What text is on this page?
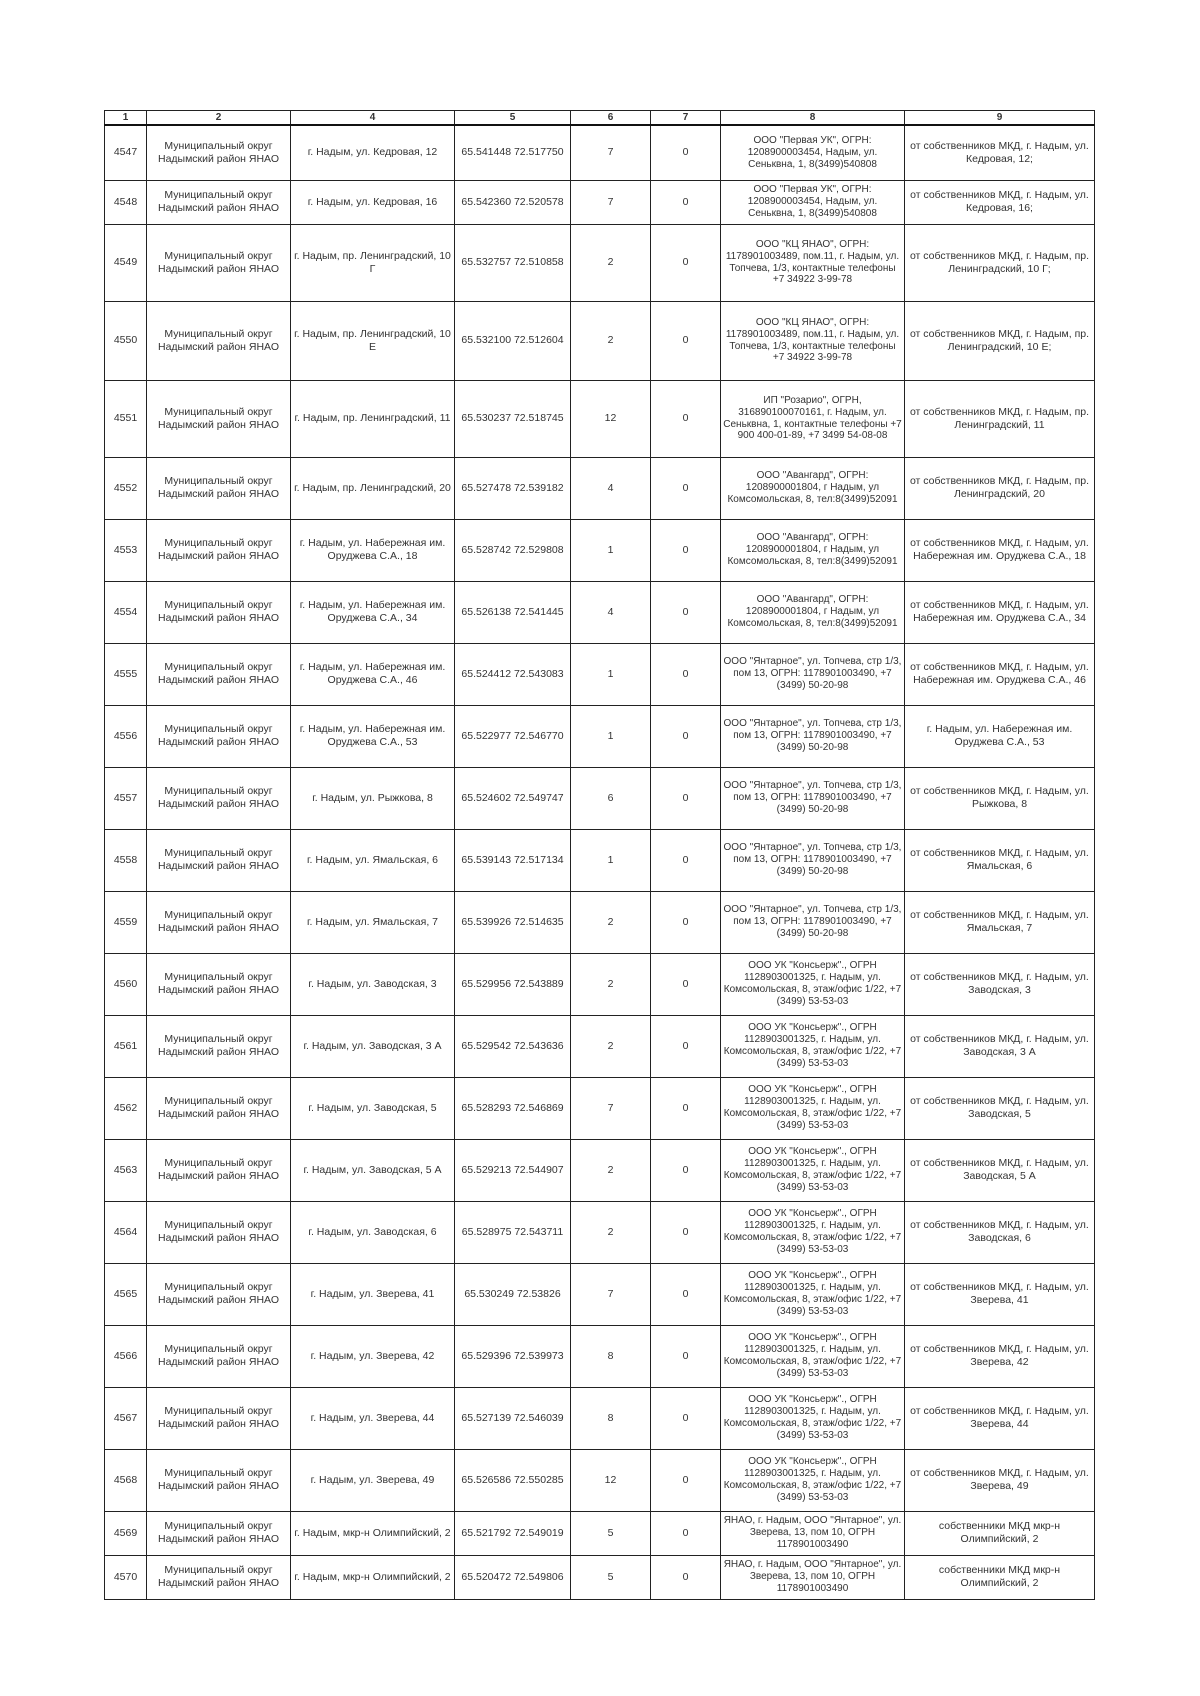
1	2	4	5	6	7	8	9
4547	Муниципальный округ Надымский район ЯНАО	г. Надым, ул. Кедровая, 12	65.541448 72.517750	7	0	ООО "Первая УК", ОГРН: 1208900003454, Надым, ул. Сеньквна, 1, 8(3499)540808	от собственников МКД, г. Надым, ул. Кедровая, 12;
4548	Муниципальный округ Надымский район ЯНАО	г. Надым, ул. Кедровая, 16	65.542360 72.520578	7	0	ООО "Первая УК", ОГРН: 1208900003454, Надым, ул. Сеньквна, 1, 8(3499)540808	от собственников МКД, г. Надым, ул. Кедровая, 16;
4549	Муниципальный округ Надымский район ЯНАО	г. Надым, пр. Ленинградский, 10 Г	65.532757 72.510858	2	0	ООО "КЦ ЯНАО", ОГРН: 1178901003489, пом.11, г. Надым, ул. Топчева, 1/3, контактные телефоны +7 34922 3-99-78	от собственников МКД, г. Надым, пр. Ленинградский, 10 Г;
4550	Муниципальный округ Надымский район ЯНАО	г. Надым, пр. Ленинградский, 10 Е	65.532100 72.512604	2	0	ООО "КЦ ЯНАО", ОГРН: 1178901003489, пом.11, г. Надым, ул. Топчева, 1/3, контактные телефоны +7 34922 3-99-78	от собственников МКД, г. Надым, пр. Ленинградский, 10 Е;
4551	Муниципальный округ Надымский район ЯНАО	г. Надым, пр. Ленинградский, 11	65.530237 72.518745	12	0	ИП "Розарио", ОГРН, 316890100070161, г. Надым, ул. Сеньквна, 1, контактные телефоны +7 900 400-01-89, +7 3499 54-08-08	от собственников МКД, г. Надым, пр. Ленинградский, 11
4552	Муниципальный округ Надымский район ЯНАО	г. Надым, пр. Ленинградский, 20	65.527478 72.539182	4	0	ООО "Авангард", ОГРН: 1208900001804, г Надым, ул Комсомольская, 8, тел:8(3499)52091	от собственников МКД, г. Надым, пр. Ленинградский, 20
4553	Муниципальный округ Надымский район ЯНАО	г. Надым, ул. Набережная им. Оруджева С.А., 18	65.528742 72.529808	1	0	ООО "Авангард", ОГРН: 1208900001804, г Надым, ул Комсомольская, 8, тел:8(3499)52091	от собственников МКД, г. Надым, ул. Набережная им. Оруджева С.А., 18
4554	Муниципальный округ Надымский район ЯНАО	г. Надым, ул. Набережная им. Оруджева С.А., 34	65.526138 72.541445	4	0	ООО "Авангард", ОГРН: 1208900001804, г Надым, ул Комсомольская, 8, тел:8(3499)52091	от собственников МКД, г. Надым, ул. Набережная им. Оруджева С.А., 34
4555	Муниципальный округ Надымский район ЯНАО	г. Надым, ул. Набережная им. Оруджева С.А., 46	65.524412 72.543083	1	0	ООО "Янтарное", ул. Топчева, стр 1/3, пом 13, ОГРН: 1178901003490, +7 (3499) 50-20-98	от собственников МКД, г. Надым, ул. Набережная им. Оруджева С.А., 46
4556	Муниципальный округ Надымский район ЯНАО	г. Надым, ул. Набережная им. Оруджева С.А., 53	65.522977 72.546770	1	0	ООО "Янтарное", ул. Топчева, стр 1/3, пом 13, ОГРН: 1178901003490, +7 (3499) 50-20-98	г. Надым, ул. Набережная им. Оруджева С.А., 53
4557	Муниципальный округ Надымский район ЯНАО	г. Надым, ул. Рыжкова, 8	65.524602 72.549747	6	0	ООО "Янтарное", ул. Топчева, стр 1/3, пом 13, ОГРН: 1178901003490, +7 (3499) 50-20-98	от собственников МКД, г. Надым, ул. Рыжкова, 8
4558	Муниципальный округ Надымский район ЯНАО	г. Надым, ул. Ямальская, 6	65.539143 72.517134	1	0	ООО "Янтарное", ул. Топчева, стр 1/3, пом 13, ОГРН: 1178901003490, +7 (3499) 50-20-98	от собственников МКД, г. Надым, ул. Ямальская, 6
4559	Муниципальный округ Надымский район ЯНАО	г. Надым, ул. Ямальская, 7	65.539926 72.514635	2	0	ООО "Янтарное", ул. Топчева, стр 1/3, пом 13, ОГРН: 1178901003490, +7 (3499) 50-20-98	от собственников МКД, г. Надым, ул. Ямальская, 7
4560	Муниципальный округ Надымский район ЯНАО	г. Надым, ул. Заводская, 3	65.529956 72.543889	2	0	ООО УК "Консьерж"., ОГРН 1128903001325, г. Надым, ул. Комсомольская, 8, этаж/офис 1/22, +7 (3499) 53-53-03	от собственников МКД, г. Надым, ул. Заводская, 3
4561	Муниципальный округ Надымский район ЯНАО	г. Надым, ул. Заводская, 3 А	65.529542 72.543636	2	0	ООО УК "Консьерж"., ОГРН 1128903001325, г. Надым, ул. Комсомольская, 8, этаж/офис 1/22, +7 (3499) 53-53-03	от собственников МКД, г. Надым, ул. Заводская, 3 А
4562	Муниципальный округ Надымский район ЯНАО	г. Надым, ул. Заводская, 5	65.528293 72.546869	7	0	ООО УК "Консьерж"., ОГРН 1128903001325, г. Надым, ул. Комсомольская, 8, этаж/офис 1/22, +7 (3499) 53-53-03	от собственников МКД, г. Надым, ул. Заводская, 5
4563	Муниципальный округ Надымский район ЯНАО	г. Надым, ул. Заводская, 5 А	65.529213 72.544907	2	0	ООО УК "Консьерж"., ОГРН 1128903001325, г. Надым, ул. Комсомольская, 8, этаж/офис 1/22, +7 (3499) 53-53-03	от собственников МКД, г. Надым, ул. Заводская, 5 А
4564	Муниципальный округ Надымский район ЯНАО	г. Надым, ул. Заводская, 6	65.528975 72.543711	2	0	ООО УК "Консьерж"., ОГРН 1128903001325, г. Надым, ул. Комсомольская, 8, этаж/офис 1/22, +7 (3499) 53-53-03	от собственников МКД, г. Надым, ул. Заводская, 6
4565	Муниципальный округ Надымский район ЯНАО	г. Надым, ул. Зверева, 41	65.530249 72.53826	7	0	ООО УК "Консьерж"., ОГРН 1128903001325, г. Надым, ул. Комсомольская, 8, этаж/офис 1/22, +7 (3499) 53-53-03	от собственников МКД, г. Надым, ул. Зверева, 41
4566	Муниципальный округ Надымский район ЯНАО	г. Надым, ул. Зверева, 42	65.529396 72.539973	8	0	ООО УК "Консьерж"., ОГРН 1128903001325, г. Надым, ул. Комсомольская, 8, этаж/офис 1/22, +7 (3499) 53-53-03	от собственников МКД, г. Надым, ул. Зверева, 42
4567	Муниципальный округ Надымский район ЯНАО	г. Надым, ул. Зверева, 44	65.527139 72.546039	8	0	ООО УК "Консьерж"., ОГРН 1128903001325, г. Надым, ул. Комсомольская, 8, этаж/офис 1/22, +7 (3499) 53-53-03	от собственников МКД, г. Надым, ул. Зверева, 44
4568	Муниципальный округ Надымский район ЯНАО	г. Надым, ул. Зверева, 49	65.526586 72.550285	12	0	ООО УК "Консьерж"., ОГРН 1128903001325, г. Надым, ул. Комсомольская, 8, этаж/офис 1/22, +7 (3499) 53-53-03	от собственников МКД, г. Надым, ул. Зверева, 49
4569	Муниципальный округ Надымский район ЯНАО	г. Надым, мкр-н Олимпийский, 2	65.521792 72.549019	5	0	ЯНАО, г. Надым, ООО "Янтарное", ул. Зверева, 13, пом 10, ОГРН 1178901003490	собственники МКД мкр-н Олимпийский, 2
4570	Муниципальный округ Надымский район ЯНАО	г. Надым, мкр-н Олимпийский, 2	65.520472 72.549806	5	0	ЯНАО, г. Надым, ООО "Янтарное", ул. Зверева, 13, пом 10, ОГРН 1178901003490	собственники МКД мкр-н Олимпийский, 2
